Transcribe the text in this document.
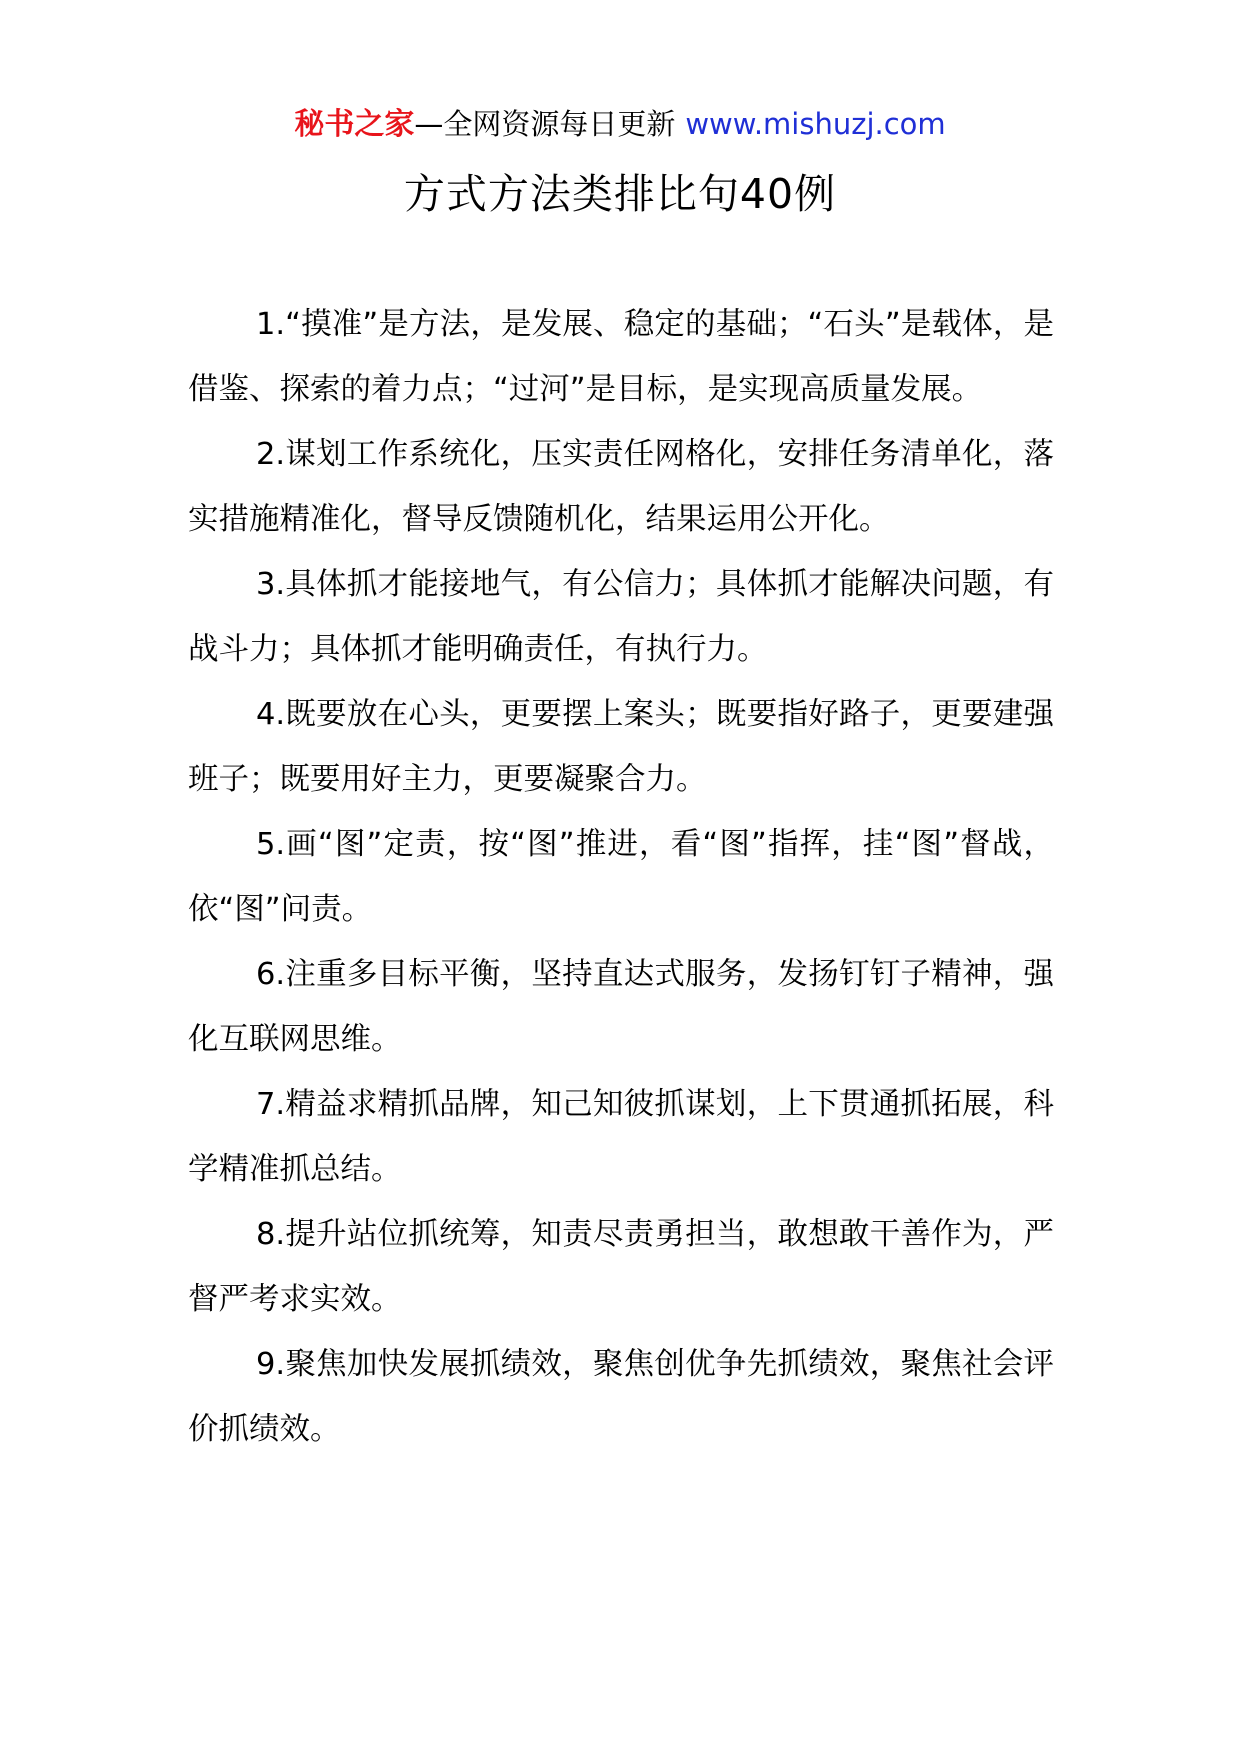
秘书之家—全网资源每日更新 www.mishuzj.com
方式方法类排比句40例

1.“摸准”是方法，是发展、稳定的基础；“石头”是载体，是借鉴、探索的着力点；“过河”是目标，是实现高质量发展。

2.谋划工作系统化，压实责任网格化，安排任务清单化，落实措施精准化，督导反馈随机化，结果运用公开化。

3.具体抓才能接地气，有公信力；具体抓才能解决问题，有战斗力；具体抓才能明确责任，有执行力。

4.既要放在心头，更要摆上案头；既要指好路子，更要建强班子；既要用好主力，更要凝聚合力。

5.画“图”定责，按“图”推进，看“图”指挥，挂“图”督战，依“图”问责。

6.注重多目标平衡，坚持直达式服务，发扬钉钉子精神，强化互联网思维。

7.精益求精抓品牌，知己知彼抓谋划，上下贯通抓拓展，科学精准抓总结。

8.提升站位抓统筹，知责尽责勇担当，敢想敢干善作为，严督严考求实效。

9.聚焦加快发展抓绩效，聚焦创优争先抓绩效，聚焦社会评价抓绩效。
